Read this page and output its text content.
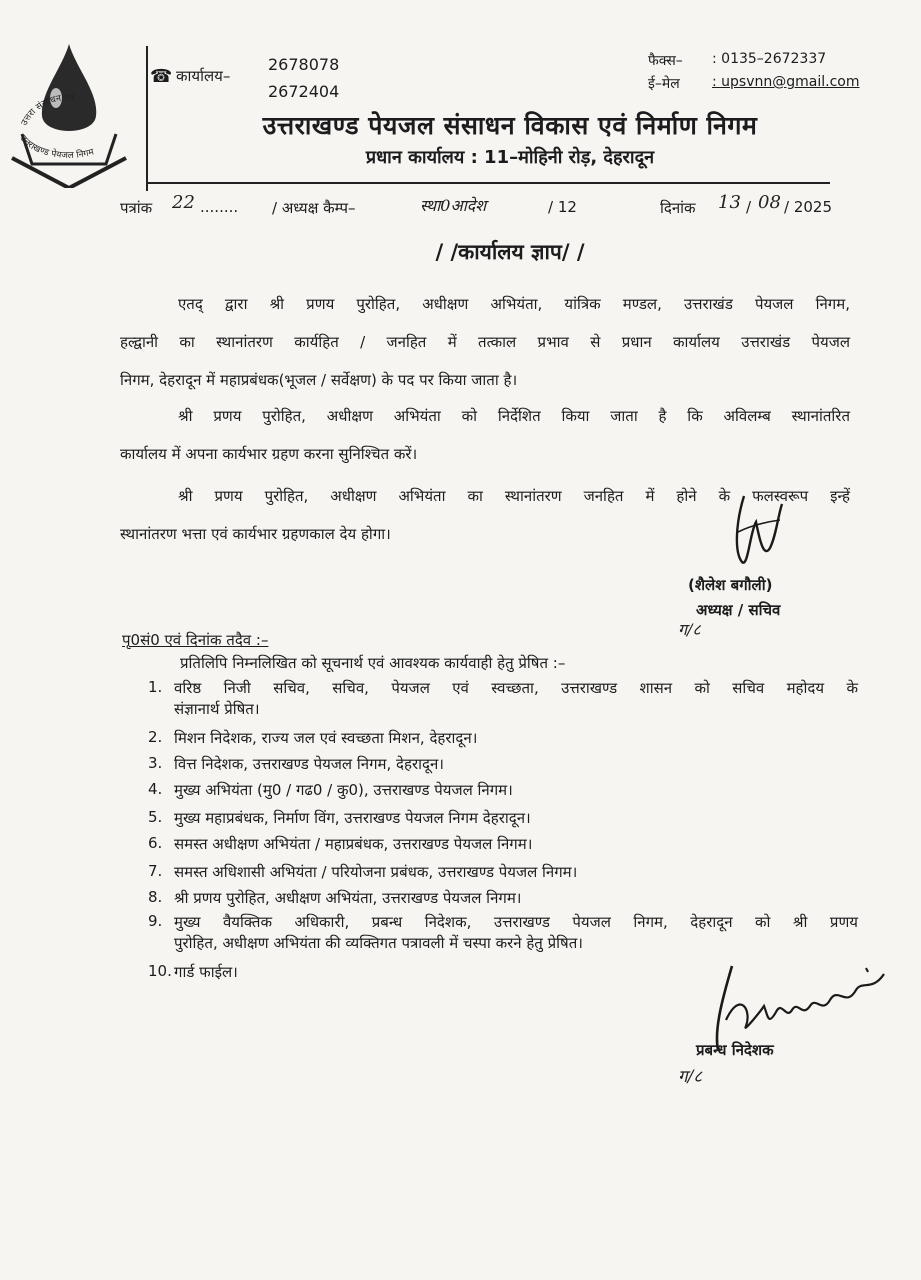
उत्तरा संसाधन एवं
उत्तराखण्ड पेयजल निगम
☎ कार्यालय–
2678078
2672404
फैक्स– : 0135–2672337
ई–मेल : upsvnn@gmail.com
उत्तराखण्ड पेयजल संसाधन विकास एवं निर्माण निगम
प्रधान कार्यालय : 11–मोहिनी रोड़, देहरादून
पत्रांक 22 ........ / अध्यक्ष कैम्प–	स्था0आदेश	/ 12	दिनांक 13 / 08 / 2025
/ /कार्यालय ज्ञाप/ /
एतद् द्वारा श्री प्रणय पुरोहित, अधीक्षण अभियंता, यांत्रिक मण्डल, उत्तराखंड पेयजल निगम,
हल्द्वानी का स्थानांतरण कार्यहित / जनहित में तत्काल प्रभाव से प्रधान कार्यालय उत्तराखंड पेयजल
निगम, देहरादून में महाप्रबंधक(भूजल / सर्वेक्षण) के पद पर किया जाता है।
श्री प्रणय पुरोहित, अधीक्षण अभियंता को निर्देशित किया जाता है कि अविलम्ब स्थानांतरित
कार्यालय में अपना कार्यभार ग्रहण करना सुनिश्चित करें।
श्री प्रणय पुरोहित, अधीक्षण अभियंता का स्थानांतरण जनहित में होने के फलस्वरूप इन्हें
स्थानांतरण भत्ता एवं कार्यभार ग्रहणकाल देय होगा।
(शैलेश बगौली)
अध्यक्ष / सचिव
ग/८
पृ0सं0 एवं दिनांक तदैव :–
प्रतिलिपि निम्नलिखित को सूचनार्थ एवं आवश्यक कार्यवाही हेतु प्रेषित :–
1. वरिष्ठ निजी सचिव, सचिव, पेयजल एवं स्वच्छता, उत्तराखण्ड शासन को सचिव महोदय के
संज्ञानार्थ प्रेषित।
2. मिशन निदेशक, राज्य जल एवं स्वच्छता मिशन, देहरादून।
3. वित्त निदेशक, उत्तराखण्ड पेयजल निगम, देहरादून।
4. मुख्य अभियंता (मु0 / गढ0 / कु0), उत्तराखण्ड पेयजल निगम।
5. मुख्य महाप्रबंधक, निर्माण विंग, उत्तराखण्ड पेयजल निगम देहरादून।
6. समस्त अधीक्षण अभियंता / महाप्रबंधक, उत्तराखण्ड पेयजल निगम।
7. समस्त अधिशासी अभियंता / परियोजना प्रबंधक, उत्तराखण्ड पेयजल निगम।
8. श्री प्रणय पुरोहित, अधीक्षण अभियंता, उत्तराखण्ड पेयजल निगम।
9. मुख्य वैयक्तिक अधिकारी, प्रबन्ध निदेशक, उत्तराखण्ड पेयजल निगम, देहरादून को श्री प्रणय
पुरोहित, अधीक्षण अभियंता की व्यक्तिगत पत्रावली में चस्पा करने हेतु प्रेषित।
10. गार्ड फाईल।
प्रबन्ध निदेशक
ग/८
